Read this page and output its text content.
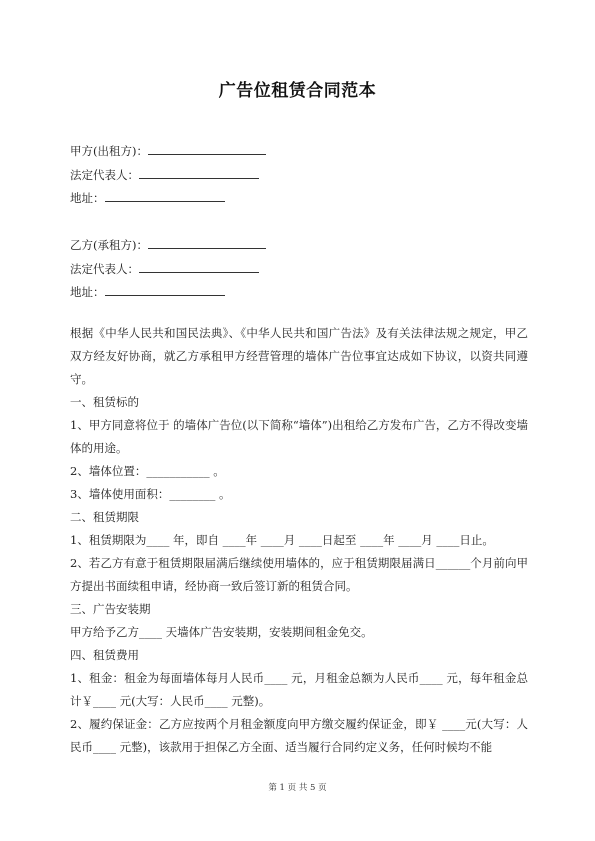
广告位租赁合同范本
甲方(出租方)：
法定代表人：
地址：
乙方(承租方)：
法定代表人：
地址：
根据《中华人民共和国民法典》、《中华人民共和国广告法》及有关法律法规之规定，甲乙双方经友好协商，就乙方承租甲方经营管理的墙体广告位事宜达成如下协议，以资共同遵守。
一、租赁标的
1、甲方同意将位于 的墙体广告位(以下简称“墙体”)出租给乙方发布广告，乙方不得改变墙体的用途。
2、墙体位置：___________ 。
3、墙体使用面积：________ 。
二、租赁期限
1、租赁期限为____ 年，即自 ____年 ____月 ____日起至 ____年 ____月 ____日止。
2、若乙方有意于租赁期限届满后继续使用墙体的，应于租赁期限届满日______个月前向甲方提出书面续租申请，经协商一致后签订新的租赁合同。
三、广告安装期
甲方给予乙方____ 天墙体广告安装期，安装期间租金免交。
四、租赁费用
1、租金：租金为每面墙体每月人民币____ 元，月租金总额为人民币____ 元，每年租金总计￥____ 元(大写：人民币____ 元整)。
2、履约保证金：乙方应按两个月租金额度向甲方缴交履约保证金，即￥ ____元(大写：人民币____ 元整)，该款用于担保乙方全面、适当履行合同约定义务，任何时候均不能
第 1 页 共 5 页
